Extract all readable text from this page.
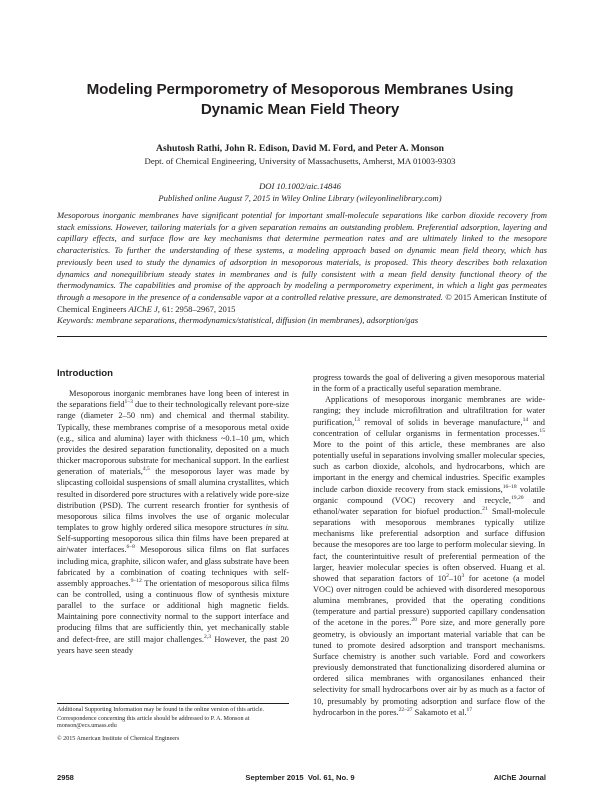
Modeling Permporometry of Mesoporous Membranes Using Dynamic Mean Field Theory
Ashutosh Rathi, John R. Edison, David M. Ford, and Peter A. Monson
Dept. of Chemical Engineering, University of Massachusetts, Amherst, MA 01003-9303
DOI 10.1002/aic.14846
Published online August 7, 2015 in Wiley Online Library (wileyonlinelibrary.com)
Mesoporous inorganic membranes have significant potential for important small-molecule separations like carbon dioxide recovery from stack emissions. However, tailoring materials for a given separation remains an outstanding problem. Preferential adsorption, layering and capillary effects, and surface flow are key mechanisms that determine permeation rates and are ultimately linked to the mesopore characteristics. To further the understanding of these systems, a modeling approach based on dynamic mean field theory, which has previously been used to study the dynamics of adsorption in mesoporous materials, is proposed. This theory describes both relaxation dynamics and nonequilibrium steady states in membranes and is fully consistent with a mean field density functional theory of the thermodynamics. The capabilities and promise of the approach by modeling a permporometry experiment, in which a light gas permeates through a mesopore in the presence of a condensable vapor at a controlled relative pressure, are demonstrated. © 2015 American Institute of Chemical Engineers AIChE J, 61: 2958–2967, 2015
Keywords: membrane separations, thermodynamics/statistical, diffusion (in membranes), adsorption/gas
Introduction

Mesoporous inorganic membranes have long been of interest in the separations field$^{1-3}$ due to their technologically relevant pore-size range (diameter 2–50 nm) and chemical and thermal stability. Typically, these membranes comprise of a mesoporous metal oxide (e.g., silica and alumina) layer with thickness ~0.1–10 μm, which provides the desired separation functionality, deposited on a much thicker macroporous substrate for mechanical support. In the earliest generation of materials,$^{4,5}$ the mesoporous layer was made by slipcasting colloidal suspensions of small alumina crystallites, which resulted in disordered pore structures with a relatively wide pore-size distribution (PSD). The current research frontier for synthesis of mesoporous silica films involves the use of organic molecular templates to grow highly ordered silica mesopore structures in situ. Self-supporting mesoporous silica thin films have been prepared at air/water interfaces.$^{6-8}$ Mesoporous silica films on flat surfaces including mica, graphite, silicon wafer, and glass substrate have been fabricated by a combination of coating techniques with self-assembly approaches.$^{9-12}$ The orientation of mesoporous silica films can be controlled, using a continuous flow of synthesis mixture parallel to the surface or additional high magnetic fields. Maintaining pore connectivity normal to the support interface and producing films that are sufficiently thin, yet mechanically stable and defect-free, are still major challenges.$^{2,3}$ However, the past 20 years have seen steady

Additional Supporting Information may be found in the online version of this article.
Correspondence concerning this article should be addressed to P. A. Monson at monson@ecs.umass.edu
© 2015 American Institute of Chemical Engineers

progress towards the goal of delivering a given mesoporous material in the form of a practically useful separation membrane.

Applications of mesoporous inorganic membranes are wide-ranging; they include microfiltration and ultrafiltration for water purification,$^{13}$ removal of solids in beverage manufacture,$^{14}$ and concentration of cellular organisms in fermentation processes.$^{15}$ More to the point of this article, these membranes are also potentially useful in separations involving smaller molecular species, such as carbon dioxide, alcohols, and hydrocarbons, which are important in the energy and chemical industries. Specific examples include carbon dioxide recovery from stack emissions,$^{16-18}$ volatile organic compound (VOC) recovery and recycle,$^{19,20}$ and ethanol/water separation for biofuel production.$^{21}$ Small-molecule separations with mesoporous membranes typically utilize mechanisms like preferential adsorption and surface diffusion because the mesopores are too large to perform molecular sieving. In fact, the counterintuitive result of preferential permeation of the larger, heavier molecular species is often observed. Huang et al. showed that separation factors of $10^2-10^3$ for acetone (a model VOC) over nitrogen could be achieved with disordered mesoporous alumina membranes, provided that the operating conditions (temperature and partial pressure) supported capillary condensation of the acetone in the pores.$^{20}$ Pore size, and more generally pore geometry, is obviously an important material variable that can be tuned to promote desired adsorption and transport mechanisms. Surface chemistry is another such variable. Ford and coworkers previously demonstrated that functionalizing disordered alumina or ordered silica membranes with organosilanes enhanced their selectivity for small hydrocarbons over air by as much as a factor of 10, presumably by promoting adsorption and surface flow of the hydrocarbon in the pores.$^{22-27}$ Sakamoto et al.$^{17}$

2958	September 2015  Vol. 61, No. 9	AIChE Journal
